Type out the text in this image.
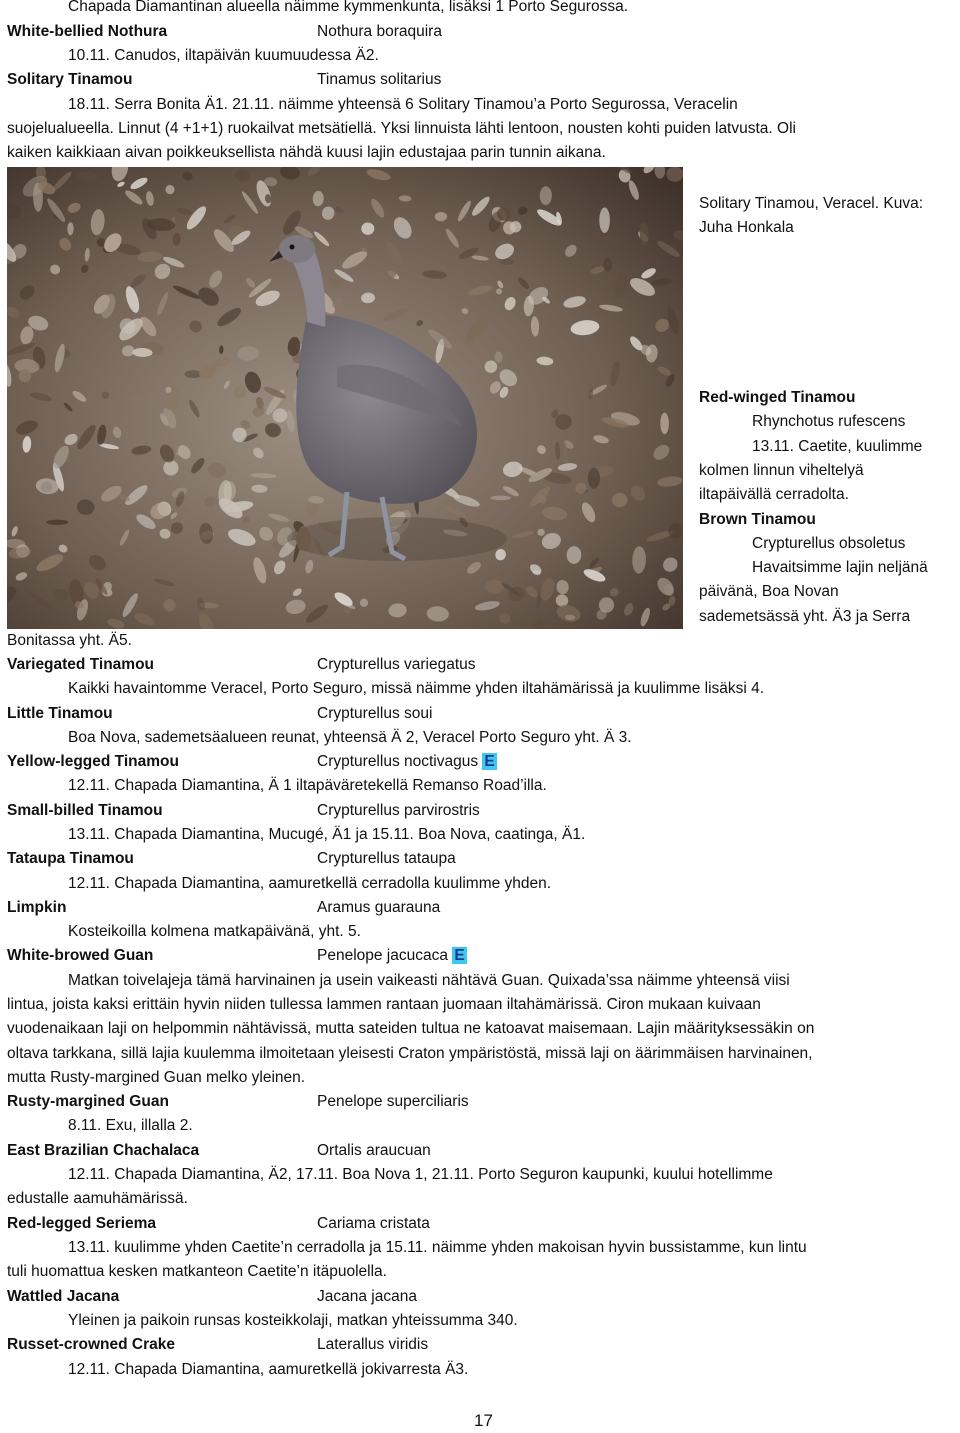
Chapada Diamantinan alueella näimme kymmenkunta, lisäksi 1 Porto Segurossa.
White-bellied Nothura	Nothura boraquira
10.11. Canudos, iltapäivän kuumuudessa Ä2.
Solitary Tinamou	Tinamus solitarius
18.11. Serra Bonita Ä1. 21.11. näimme yhteensä 6 Solitary Tinamou’a Porto Segurossa, Veracelin
suojelualueella. Linnut (4 +1+1) ruokailvat metsätiellä. Yksi linnuista lähti lentoon, nousten kohti puiden latvusta. Oli
kaiken kaikkiaan aivan poikkeuksellista nähdä kuusi lajin edustajaa parin tunnin aikana.
Solitary Tinamou, Veracel. Kuva:
Juha Honkala
Red-winged Tinamou
Rhynchotus rufescens
13.11. Caetite, kuulimme
kolmen linnun viheltelyä
iltapäivällä cerradolta.
Brown Tinamou
Crypturellus obsoletus
Havaitsimme lajin neljänä
päivänä, Boa Novan
sademetsässä yht. Ä3 ja Serra
Bonitassa yht. Ä5.
Variegated Tinamou	Crypturellus variegatus
Kaikki havaintomme Veracel, Porto Seguro, missä näimme yhden iltahämärissä ja kuulimme lisäksi 4.
Little Tinamou	Crypturellus soui
Boa Nova, sademetsäalueen reunat, yhteensä Ä 2, Veracel Porto Seguro yht. Ä 3.
Yellow-legged Tinamou	Crypturellus noctivagus E
12.11. Chapada Diamantina, Ä 1 iltapäväretekellä Remanso Road’illa.
Small-billed Tinamou	Crypturellus parvirostris
13.11. Chapada Diamantina, Mucugé, Ä1 ja 15.11. Boa Nova, caatinga, Ä1.
Tataupa Tinamou	Crypturellus tataupa
12.11. Chapada Diamantina, aamuretkellä cerradolla kuulimme yhden.
Limpkin	Aramus guarauna
Kosteikoilla kolmena matkapäivänä, yht. 5.
White-browed Guan	Penelope jacucaca E
Matkan toivelajeja tämä harvinainen ja usein vaikeasti nähtävä Guan. Quixada’ssa näimme yhteensä viisi
lintua, joista kaksi erittäin hyvin niiden tullessa lammen rantaan juomaan iltahämärissä. Ciron mukaan kuivaan
vuodenaikaan laji on helpommin nähtävissä, mutta sateiden tultua ne katoavat maisemaan. Lajin määrityksessäkin on
oltava tarkkana, sillä lajia kuulemma ilmoitetaan yleisesti Craton ympäristöstä, missä laji on äärimmäisen harvinainen,
mutta Rusty-margined Guan melko yleinen.
Rusty-margined Guan	Penelope superciliaris
8.11. Exu, illalla 2.
East Brazilian Chachalaca	Ortalis araucuan
12.11. Chapada Diamantina, Ä2, 17.11. Boa Nova 1, 21.11. Porto Seguron kaupunki, kuului hotellimme
edustalle aamuhämärissä.
Red-legged Seriema	Cariama cristata
13.11. kuulimme yhden Caetite’n cerradolla ja 15.11. näimme yhden makoisan hyvin bussistamme, kun lintu
tuli huomattua kesken matkanteon Caetite’n itäpuolella.
Wattled Jacana	Jacana jacana
Yleinen ja paikoin runsas kosteikkolaji, matkan yhteissumma 340.
Russet-crowned Crake	Laterallus viridis
12.11. Chapada Diamantina, aamuretkellä jokivarresta Ä3.
17
